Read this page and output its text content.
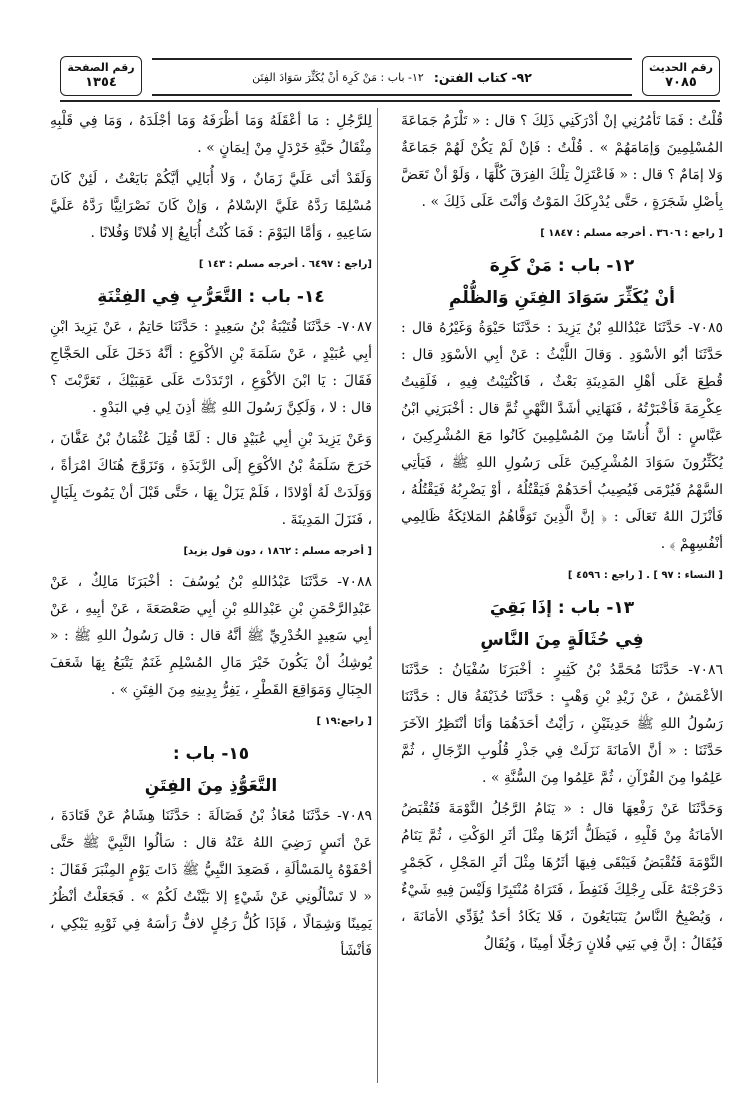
رقم الحديث
٧٠٨٥
٩٢- كتاب الفتن:
١٢- باب : مَنْ كَرِهَ أنْ يُكَثِّرَ سَوَادَ الفِتَن
رقم الصفحة
١٣٥٤

قُلْتُ : فَمَا تَأمُرُنِي إنْ أدْرَكَنِي ذَلِكَ ؟ قال : « تَلْزَمُ جَمَاعَةَ المُسْلِمِينَ وَإمَامَهُمْ » . قُلْتُ : فَإنْ لَمْ يَكُنْ لَهُمْ جَمَاعَةٌ وَلا إمَامٌ ؟ قال : « فَاعْتَزِلْ تِلْكَ الفِرَقَ كُلَّهَا ، وَلَوْ أنْ تَعَضَّ بِأصْلِ شَجَرَةٍ ، حَتَّى يُدْرِكَكَ المَوْتُ وَأنْتَ عَلَى ذَلِكَ » .

[ راجع : ٣٦٠٦ . أخرجه مسلم : ١٨٤٧ ]

١٢- باب : مَنْ كَرِهَ
أنْ يُكَثِّرَ سَوَادَ الفِتَنِ وَالظُّلْمِ

٧٠٨٥- حَدَّثَنَا عَبْدُاللهِ بْنُ يَزِيدَ : حَدَّثَنَا حَيْوَةُ وَغَيْرُهُ قال : حَدَّثَنَا أبُو الأسْوَدِ . وَقالَ اللَّيْثُ : عَنْ أبِي الأسْوَدِ قال : قُطِعَ عَلَى أهْلِ المَدِينَةِ بَعْثٌ ، فَاكْتُتِبْتُ فِيهِ ، فَلَقِيتُ عِكْرِمَةَ فَأخْبَرْتُهُ ، فَنَهَانِي أشَدَّ النَّهْيِ ثُمَّ قال : أخْبَرَنِي ابْنُ عَبَّاسٍ : أنَّ أُناسًا مِنَ المُسْلِمِينَ كَانُوا مَعَ المُشْرِكِينَ ، يُكَثِّرُونَ سَوَادَ المُشْرِكِينَ عَلَى رَسُولِ اللهِ ﷺ ، فَيَأتِي السَّهْمُ فَيُرْمَى فَيُصِيبُ أحَدَهُمْ فَيَقْتُلُهُ ، أوْ يَضْرِبُهُ فَيَقْتُلُهُ ، فَأنْزَلَ اللهُ تَعَالَى : ﴿ إنَّ الَّذِينَ تَوَفَّاهُمُ المَلائِكَةُ ظَالِمِي أنْفُسِهِمْ ﴾ .

[ النساء : ٩٧ ] . [ راجع : ٤٥٩٦ ]

١٣- باب : إذَا بَقِيَ
فِي حُثَالَةٍ مِنَ النَّاسِ

٧٠٨٦- حَدَّثَنَا مُحَمَّدُ بْنُ كَثِيرٍ : أخْبَرَنَا سُفْيَانُ : حَدَّثَنَا الأعْمَشُ ، عَنْ زَيْدِ بْنِ وَهْبٍ : حَدَّثَنَا حُذَيْفَةُ قال : حَدَّثَنَا رَسُولُ اللهِ ﷺ حَدِيثَيْنِ ، رَأيْتُ أحَدَهُمَا وَأنَا أنْتَظِرُ الآخَرَ حَدَّثَنَا : « أنَّ الأمَانَةَ نَزَلَتْ فِي جَذْرِ قُلُوبِ الرِّجَالِ ، ثُمَّ عَلِمُوا مِنَ القُرْآنِ ، ثُمَّ عَلِمُوا مِنَ السُّنَّةِ » .

وَحَدَّثَنَا عَنْ رَفْعِهَا قال : « يَنَامُ الرَّجُلُ النَّوْمَةَ فَتُقْبَضُ الأمَانَةُ مِنْ قَلْبِهِ ، فَيَظَلُّ أثَرُهَا مِثْلَ أثَرِ الوَكْتِ ، ثُمَّ يَنَامُ النَّوْمَةَ فَتُقْبَضُ فَيَبْقَى فِيهَا أثَرُهَا مِثْلَ أثَرِ المَجْلِ ، كَجَمْرٍ دَحْرَجْتَهُ عَلَى رِجْلِكَ فَنَفِطَ ، فَتَرَاهُ مُنْتَبِرًا وَلَيْسَ فِيهِ شَيْءٌ ، وَيُصْبِحُ النَّاسُ يَتَبَايَعُونَ ، فَلا يَكَادُ أحَدٌ يُؤَدِّي الأمَانَةَ ، فَيُقَالُ : إنَّ فِي بَنِي فُلانٍ رَجُلًا أمِينًا ، وَيُقَالُ

لِلرَّجُلِ : مَا أعْقَلَهُ وَمَا أظْرَفَهُ وَمَا أجْلَدَهُ ، وَمَا فِي قَلْبِهِ مِثْقَالُ حَبَّةِ خَرْدَلٍ مِنْ إيمَانٍ » .

وَلَقَدْ أتَى عَلَيَّ زَمَانٌ ، وَلا أُبَالِي أيَّكُمْ بَايَعْتُ ، لَئِنْ كَانَ مُسْلِمًا رَدَّهُ عَلَيَّ الإسْلامُ ، وَإنْ كَانَ نَصْرَانِيًّا رَدَّهُ عَلَيَّ سَاعِيهِ ، وَأمَّا اليَوْمَ : فَمَا كُنْتُ أُبَايِعُ إلا فُلانًا وَفُلانًا .

[راجع : ٦٤٩٧ . أخرجه مسلم : ١٤٣ ]

١٤- باب : التَّعَرُّبِ فِي الفِتْنَةِ

٧٠٨٧- حَدَّثَنَا قُتَيْبَةُ بْنُ سَعِيدٍ : حَدَّثَنَا حَاتِمٌ ، عَنْ يَزِيدَ ابْنِ أبِي عُبَيْدٍ ، عَنْ سَلَمَةَ بْنِ الأكْوَعِ : أنَّهُ دَخَلَ عَلَى الحَجَّاجِ فَقَالَ : يَا ابْنَ الأكْوَعِ ، ارْتَدَدْتَ عَلَى عَقِبَيْكَ ، تَعَرَّبْتَ ؟ قال : لا ، وَلَكِنَّ رَسُولَ اللهِ ﷺ أذِنَ لِي فِي البَدْوِ .

وَعَنْ يَزِيدَ بْنِ أبِي عُبَيْدٍ قال : لَمَّا قُتِلَ عُثْمَانُ بْنُ عَفَّانَ ، خَرَجَ سَلَمَةُ بْنُ الأكْوَعِ إلَى الرَّبَذَةِ ، وَتَزَوَّجَ هُنَاكَ امْرَأةً ، وَوَلَدَتْ لَهُ أوْلادًا ، فَلَمْ يَزَلْ بِهَا ، حَتَّى قَبْلَ أنْ يَمُوتَ بِلَيَالٍ ، فَنَزَلَ المَدِينَةَ .

[ أخرجه مسلم : ١٨٦٢ ، دون قول يزيد]

٧٠٨٨- حَدَّثَنَا عَبْدُاللهِ بْنُ يُوسُفَ : أخْبَرَنَا مَالِكٌ ، عَنْ عَبْدِالرَّحْمَنِ بْنِ عَبْدِاللهِ بْنِ أبِي صَعْصَعَةَ ، عَنْ أبِيهِ ، عَنْ أبِي سَعِيدٍ الخُدْرِيِّ ﷺ أنَّهُ قال : قال رَسُولُ اللهِ ﷺ : « يُوشِكُ أنْ يَكُونَ خَيْرَ مَالِ المُسْلِمِ غَنَمٌ يَتْبَعُ بِهَا شَعَفَ الجِبَالِ وَمَوَاقِعَ القَطْرِ ، يَفِرُّ بِدِينِهِ مِنَ الفِتَنِ » .

[ راجع:١٩ ]

١٥- باب :
التَّعَوُّذِ مِنَ الفِتَنِ

٧٠٨٩- حَدَّثَنَا مُعَاذُ بْنُ فَضَالَةَ : حَدَّثَنَا هِشَامٌ عَنْ قَتَادَةَ ، عَنْ أنَسٍ رَضِيَ اللهُ عَنْهُ قال : سَألُوا النَّبِيَّ ﷺ حَتَّى أحْفَوْهُ بِالمَسْألَةِ ، فَصَعِدَ النَّبِيُّ ﷺ ذَاتَ يَوْمٍ المِنْبَرَ فَقَالَ : « لا تَسْألُونِي عَنْ شَيْءٍ إلا بَيَّنْتُ لَكُمْ » . فَجَعَلْتُ أنْظُرُ يَمِينًا وَشِمَالًا ، فَإذَا كُلُّ رَجُلٍ لافٌّ رَأسَهُ فِي ثَوْبِهِ يَبْكِي ، فَأنْشَأ
